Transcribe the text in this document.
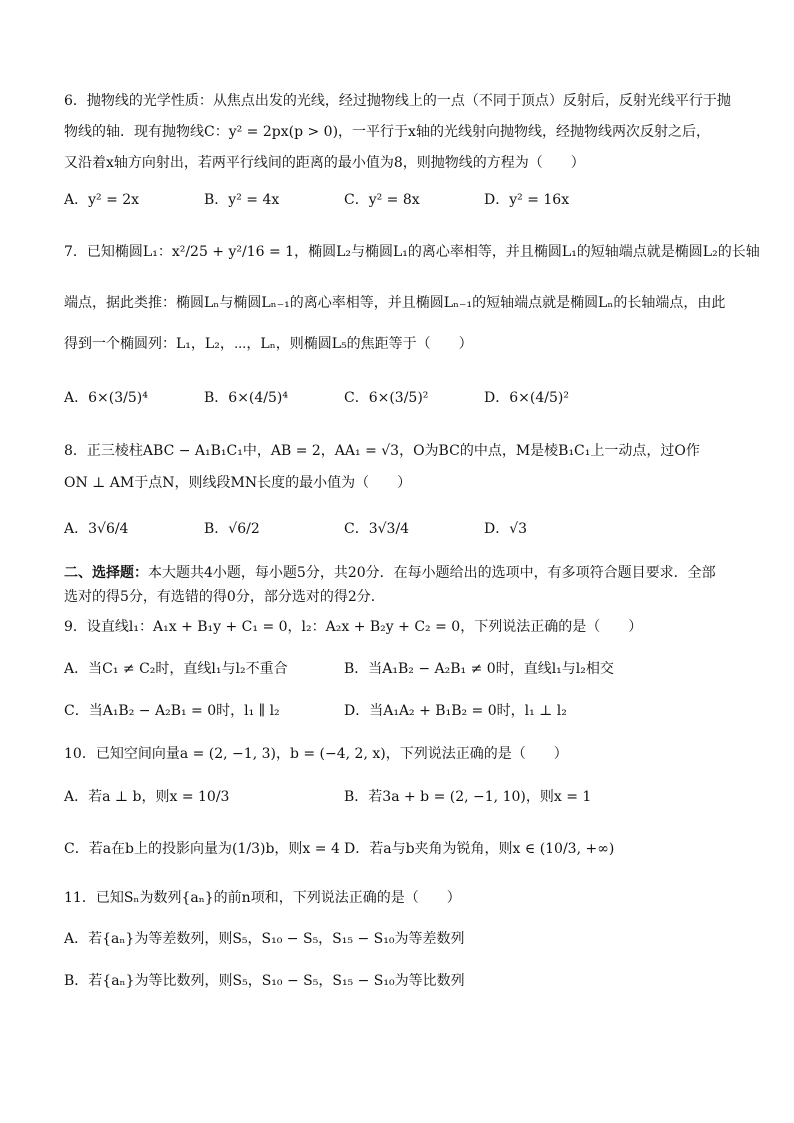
6．抛物线的光学性质：从焦点出发的光线，经过抛物线上的一点（不同于顶点）反射后，反射光线平行于抛
物线的轴．现有抛物线C：y² = 2px(p > 0)，一平行于x轴的光线射向抛物线，经抛物线两次反射之后，
又沿着x轴方向射出，若两平行线间的距离的最小值为8，则抛物线的方程为（　　）
A．y² = 2x	B．y² = 4x	C．y² = 8x	D．y² = 16x
7．已知椭圆L₁：x²/25 + y²/16 = 1，椭圆L₂与椭圆L₁的离心率相等，并且椭圆L₁的短轴端点就是椭圆L₂的长轴
端点，据此类推：椭圆Lₙ与椭圆Lₙ₋₁的离心率相等，并且椭圆Lₙ₋₁的短轴端点就是椭圆Lₙ的长轴端点，由此
得到一个椭圆列：L₁，L₂，⋯，Lₙ，则椭圆L₅的焦距等于（　　）
A．6×(3/5)⁴	B．6×(4/5)⁴	C．6×(3/5)²	D．6×(4/5)²
8．正三棱柱ABC − A₁B₁C₁中，AB = 2，AA₁ = √3，O为BC的中点，M是棱B₁C₁上一动点，过O作
ON ⊥ AM于点N，则线段MN长度的最小值为（　　）
A．3√6/4	B．√6/2	C．3√3/4	D．√3
二、选择题：本大题共4小题，每小题5分，共20分．在每小题给出的选项中，有多项符合题目要求．全部
选对的得5分，有选错的得0分，部分选对的得2分．
9．设直线l₁：A₁x + B₁y + C₁ = 0，l₂：A₂x + B₂y + C₂ = 0，下列说法正确的是（　　）
A．当C₁ ≠ C₂时，直线l₁与l₂不重合	B．当A₁B₂ − A₂B₁ ≠ 0时，直线l₁与l₂相交
C．当A₁B₂ − A₂B₁ = 0时，l₁ ∥ l₂	D．当A₁A₂ + B₁B₂ = 0时，l₁ ⊥ l₂
10．已知空间向量a = (2, −1, 3)，b = (−4, 2, x)，下列说法正确的是（　　）
A．若a ⊥ b，则x = 10/3	B．若3a + b = (2, −1, 10)，则x = 1
C．若a在b上的投影向量为(1/3)b，则x = 4 D．若a与b夹角为锐角，则x ∈ (10/3, +∞)
11．已知Sₙ为数列{aₙ}的前n项和，下列说法正确的是（　　）
A．若{aₙ}为等差数列，则S₅，S₁₀ − S₅，S₁₅ − S₁₀为等差数列
B．若{aₙ}为等比数列，则S₅，S₁₀ − S₅，S₁₅ − S₁₀为等比数列
